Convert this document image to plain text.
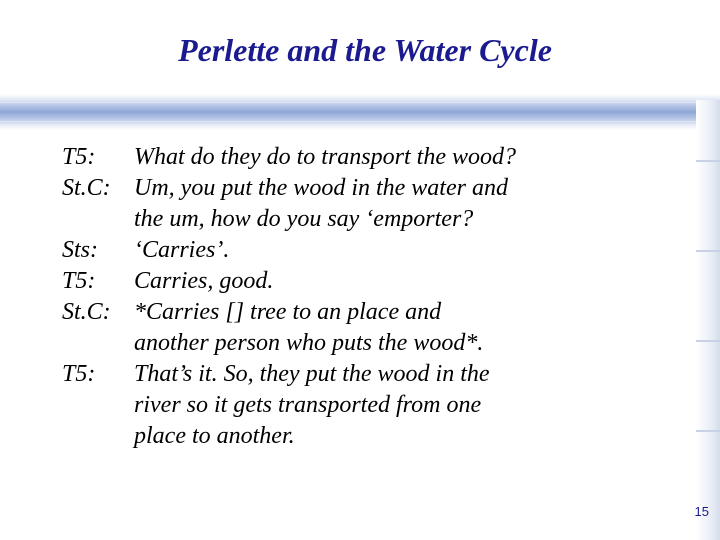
Perlette and the Water Cycle
T5:	What do they do to transport the wood?
St.C: Um, you put the wood in the water and
the um, how do you say ‘emporter?
Sts:	‘Carries’.
T5:	Carries, good.
St.C: *Carries [] tree to an place and
another person who puts the wood*.
T5:	That’s it. So, they put the wood in the
river so it gets transported from one
place to another.
15
